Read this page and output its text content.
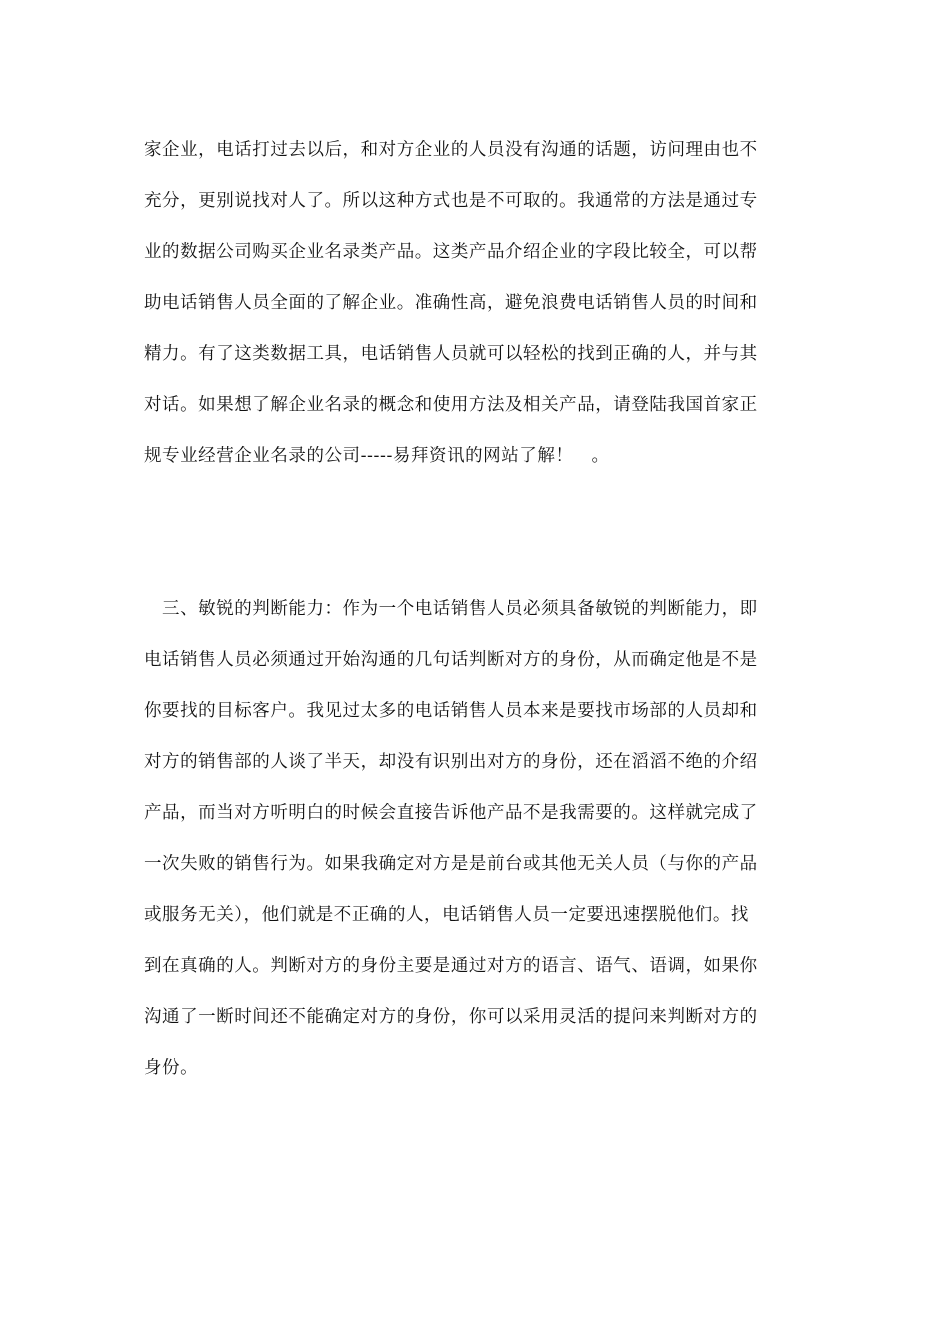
家企业，电话打过去以后，和对方企业的人员没有沟通的话题，访问理由也不
充分，更别说找对人了。所以这种方式也是不可取的。我通常的方法是通过专
业的数据公司购买企业名录类产品。这类产品介绍企业的字段比较全，可以帮
助电话销售人员全面的了解企业。准确性高，避免浪费电话销售人员的时间和
精力。有了这类数据工具，电话销售人员就可以轻松的找到正确的人，并与其
对话。如果想了解企业名录的概念和使用方法及相关产品，请登陆我国首家正
规专业经营企业名录的公司-----易拜资讯的网站了解！　。
　三、敏锐的判断能力：作为一个电话销售人员必须具备敏锐的判断能力，即
电话销售人员必须通过开始沟通的几句话判断对方的身份，从而确定他是不是
你要找的目标客户。我见过太多的电话销售人员本来是要找市场部的人员却和
对方的销售部的人谈了半天，却没有识别出对方的身份，还在滔滔不绝的介绍
产品，而当对方听明白的时候会直接告诉他产品不是我需要的。这样就完成了
一次失败的销售行为。如果我确定对方是是前台或其他无关人员（与你的产品
或服务无关），他们就是不正确的人，电话销售人员一定要迅速摆脱他们。找
到在真确的人。判断对方的身份主要是通过对方的语言、语气、语调，如果你
沟通了一断时间还不能确定对方的身份，你可以采用灵活的提问来判断对方的
身份。
